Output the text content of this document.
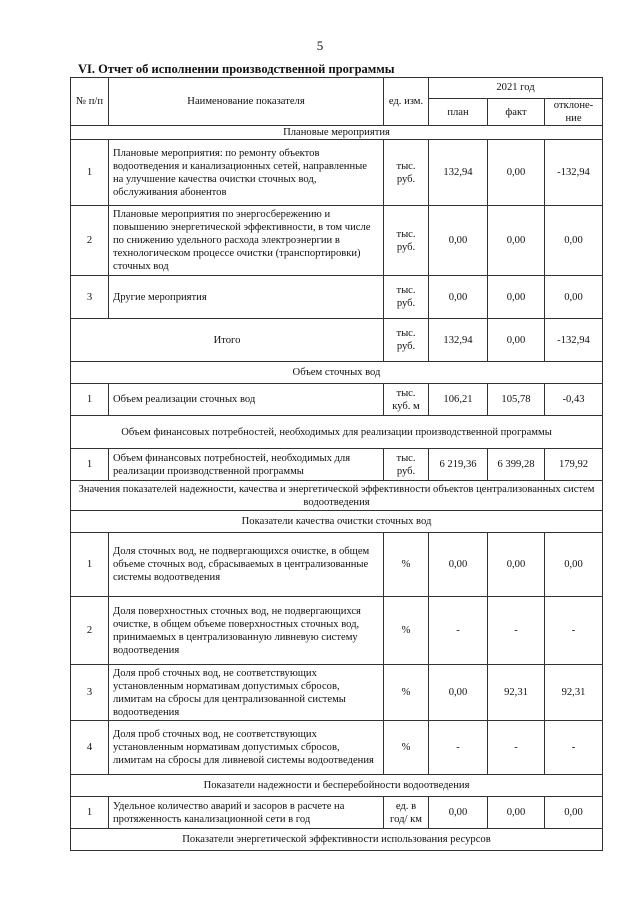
5
VI. Отчет об исполнении производственной программы
№ п/п	Наименование показателя	ед. изм.	2021 год		
			план	факт	отклоне-ние
Плановые мероприятия					
1	Плановые мероприятия: по ремонту объектов водоотведения и канализационных сетей, направленные на улучшение качества очистки сточных вод, обслуживания абонентов	тыс. руб.	132,94	0,00	-132,94
2	Плановые мероприятия по энергосбережению и повышению энергетической эффективности, в том числе по снижению удельного расхода электроэнергии в технологическом процессе очистки (транспортировки) сточных вод	тыс. руб.	0,00	0,00	0,00
3	Другие мероприятия	тыс. руб.	0,00	0,00	0,00
Итого		тыс. руб.	132,94	0,00	-132,94
Объем сточных вод					
1	Объем реализации сточных вод	тыс. куб. м	106,21	105,78	-0,43
Объем финансовых потребностей, необходимых для реализации производственной программы					
1	Объем финансовых потребностей, необходимых для реализации производственной программы	тыс. руб.	6 219,36	6 399,28	179,92
Значения показателей надежности, качества и энергетической эффективности объектов централизованных систем водоотведения					
Показатели качества очистки сточных вод					
1	Доля сточных вод, не подвергающихся очистке, в общем объеме сточных вод, сбрасываемых в централизованные системы водоотведения	%	0,00	0,00	0,00
2	Доля поверхностных сточных вод, не подвергающихся очистке, в общем объеме поверхностных сточных вод, принимаемых в централизованную ливневую систему водоотведения	%	-	-	-
3	Доля проб сточных вод, не соответствующих установленным нормативам допустимых сбросов, лимитам на сбросы для централизованной системы водоотведения	%	0,00	92,31	92,31
4	Доля проб сточных вод, не соответствующих установленным нормативам допустимых сбросов, лимитам на сбросы для ливневой системы водоотведения	%	-	-	-
Показатели надежности и бесперебойности водоотведения					
1	Удельное количество аварий и засоров в расчете на протяженность канализационной сети в год	ед. в год/ км	0,00	0,00	0,00
Показатели энергетической эффективности использования ресурсов					
